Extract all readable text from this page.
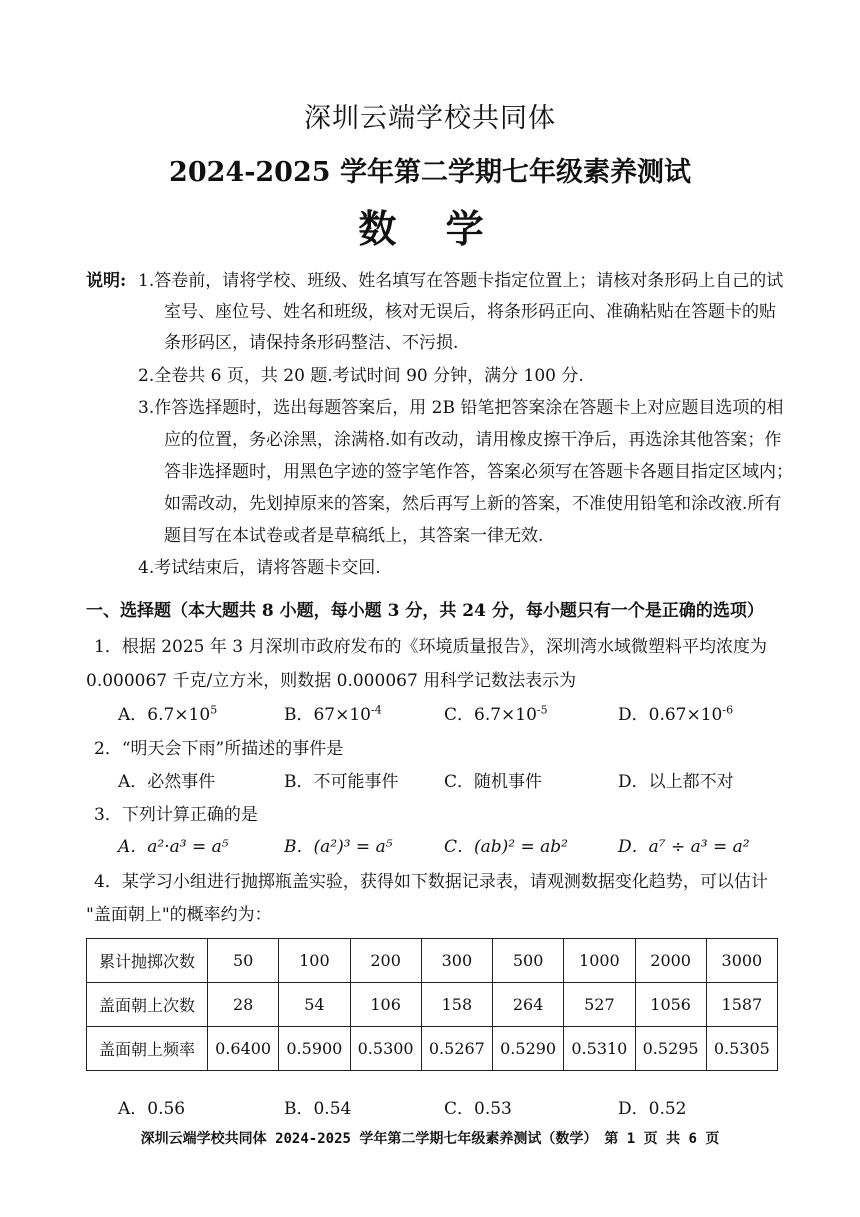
深圳云端学校共同体
2024-2025 学年第二学期七年级素养测试
数 学
说明: 1.答卷前，请将学校、班级、姓名填写在答题卡指定位置上；请核对条形码上自己的试
室号、座位号、姓名和班级，核对无误后，将条形码正向、准确粘贴在答题卡的贴
条形码区，请保持条形码整洁、不污损.
2.全卷共 6 页，共 20 题.考试时间 90 分钟，满分 100 分.
3.作答选择题时，选出每题答案后，用 2B 铅笔把答案涂在答题卡上对应题目选项的相
应的位置，务必涂黑，涂满格.如有改动，请用橡皮擦干净后，再选涂其他答案；作
答非选择题时，用黑色字迹的签字笔作答，答案必须写在答题卡各题目指定区域内；
如需改动，先划掉原来的答案，然后再写上新的答案，不准使用铅笔和涂改液.所有
题目写在本试卷或者是草稿纸上，其答案一律无效.
4.考试结束后，请将答题卡交回.
一、选择题（本大题共 8 小题，每小题 3 分，共 24 分，每小题只有一个是正确的选项）
1．根据 2025 年 3 月深圳市政府发布的《环境质量报告》，深圳湾水域微塑料平均浓度为
0.000067 千克/立方米，则数据 0.000067 用科学记数法表示为
A．$6.7\times 10^5$	B．$67\times 10^{-4}$	C．$6.7\times 10^{-5}$	D．$0.67\times 10^{-6}$
2．“明天会下雨”所描述的事件是
A．必然事件	B．不可能事件	C．随机事件	D．以上都不对
3．下列计算正确的是
A．a²·a³ = a⁵	B．(a²)³ = a⁵	C．(ab)² = ab²	D．a⁷ ÷ a³ = a²
4．某学习小组进行抛掷瓶盖实验，获得如下数据记录表，请观测数据变化趋势，可以估计
"盖面朝上"的概率约为：
累计抛掷次数	50	100	200	300	500	1000	2000	3000
盖面朝上次数	28	54	106	158	264	527	1056	1587
盖面朝上频率	0.6400	0.5900	0.5300	0.5267	0.5290	0.5310	0.5295	0.5305
A．0.56	B．0.54	C．0.53	D．0.52
深圳云端学校共同体 2024-2025 学年第二学期七年级素养测试（数学）　第 1 页 共 6 页
